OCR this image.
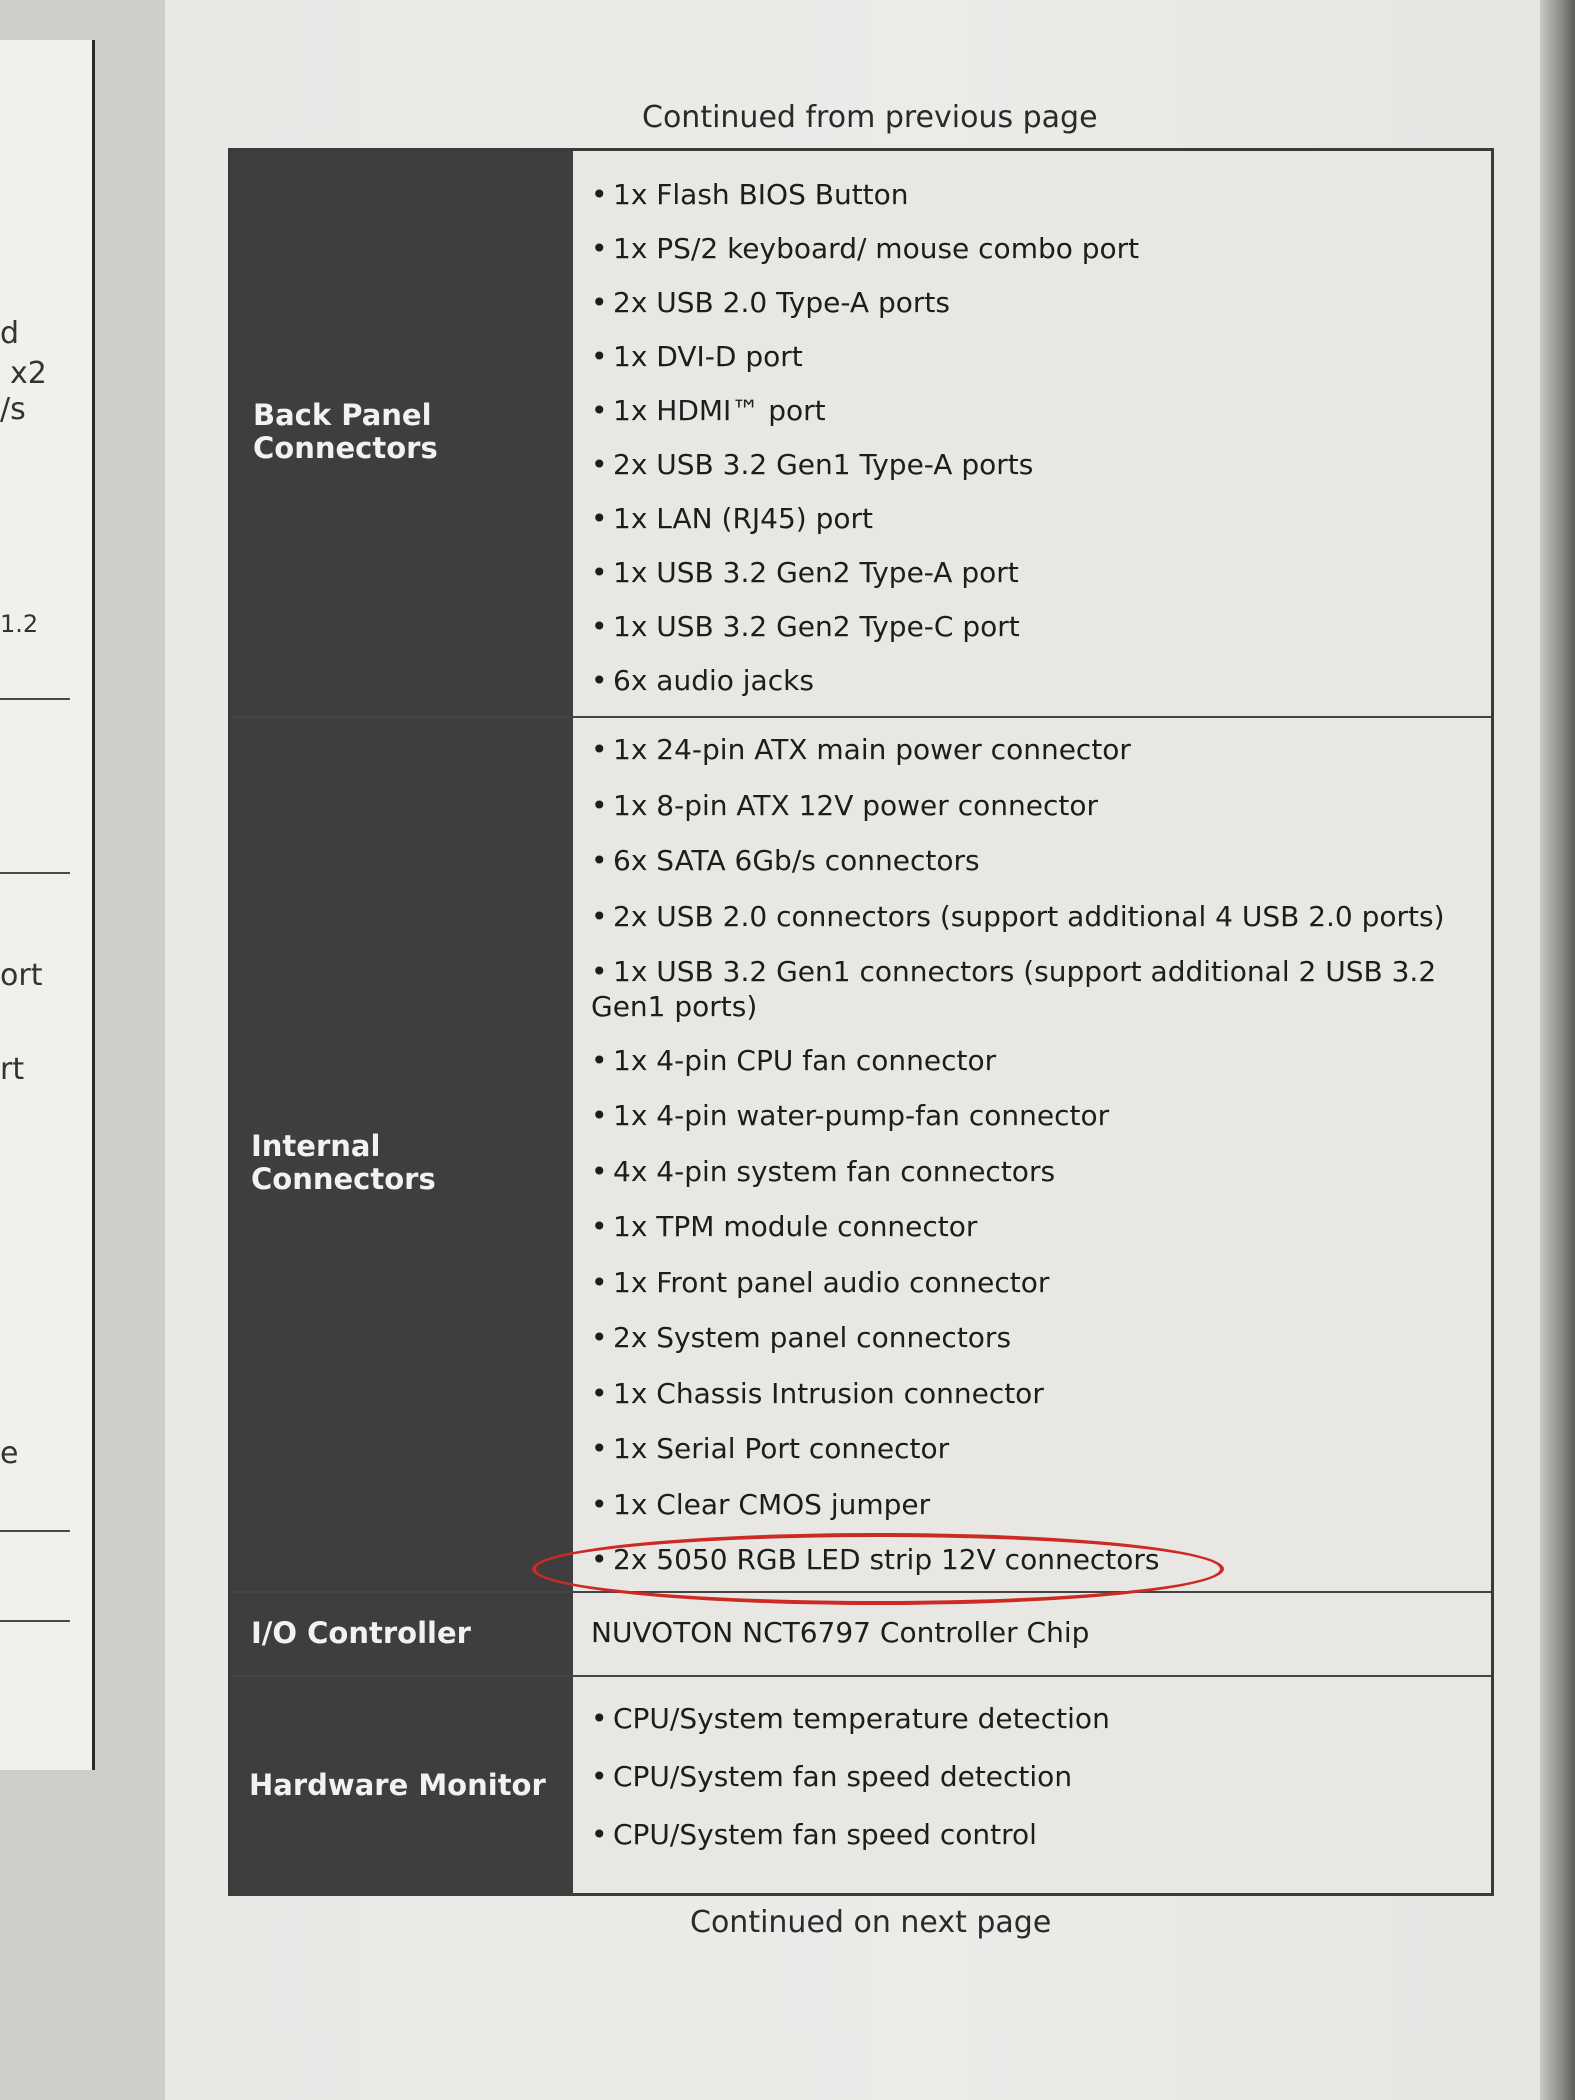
d
x2
/s
1.2
ort
rt
e
Continued from previous page
Back Panel Connectors
• 1x Flash BIOS Button
• 1x PS/2 keyboard/ mouse combo port
• 2x USB 2.0 Type-A ports
• 1x DVI-D port
• 1x HDMI™ port
• 2x USB 3.2 Gen1 Type-A ports
• 1x LAN (RJ45) port
• 1x USB 3.2 Gen2 Type-A port
• 1x USB 3.2 Gen2 Type-C port
• 6x audio jacks
Internal Connectors
• 1x 24-pin ATX main power connector
• 1x 8-pin ATX 12V power connector
• 6x SATA 6Gb/s connectors
• 2x USB 2.0 connectors (support additional 4 USB 2.0 ports)
• 1x USB 3.2 Gen1 connectors (support additional 2 USB 3.2 Gen1 ports)
• 1x 4-pin CPU fan connector
• 1x 4-pin water-pump-fan connector
• 4x 4-pin system fan connectors
• 1x TPM module connector
• 1x Front panel audio connector
• 2x System panel connectors
• 1x Chassis Intrusion connector
• 1x Serial Port connector
• 1x Clear CMOS jumper
• 2x 5050 RGB LED strip 12V connectors
I/O Controller	NUVOTON NCT6797 Controller Chip
Hardware Monitor
• CPU/System temperature detection
• CPU/System fan speed detection
• CPU/System fan speed control
Continued on next page
